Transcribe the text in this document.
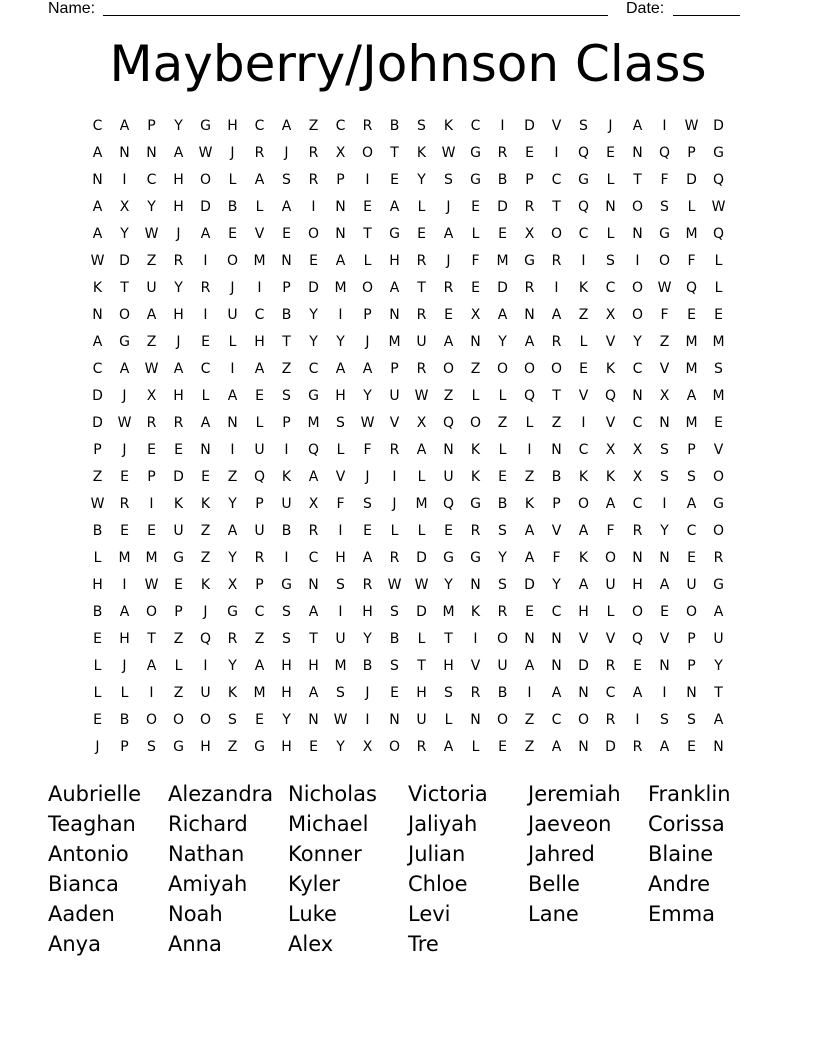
Name:	Date:
Mayberry/Johnson Class
C	A	P	Y	G	H	C	A	Z	C	R	B	S	K	C	I	D	V	S	J	A	I	W	D
A	N	N	A	W	J	R	J	R	X	O	T	K	W	G	R	E	I	Q	E	N	Q	P	G
N	I	C	H	O	L	A	S	R	P	I	E	Y	S	G	B	P	C	G	L	T	F	D	Q
A	X	Y	H	D	B	L	A	I	N	E	A	L	J	E	D	R	T	Q	N	O	S	L	W
A	Y	W	J	A	E	V	E	O	N	T	G	E	A	L	E	X	O	C	L	N	G	M	Q
W	D	Z	R	I	O	M	N	E	A	L	H	R	J	F	M	G	R	I	S	I	O	F	L
K	T	U	Y	R	J	I	P	D	M	O	A	T	R	E	D	R	I	K	C	O	W	Q	L
N	O	A	H	I	U	C	B	Y	I	P	N	R	E	X	A	N	A	Z	X	O	F	E	E
A	G	Z	J	E	L	H	T	Y	Y	J	M	U	A	N	Y	A	R	L	V	Y	Z	M	M
C	A	W	A	C	I	A	Z	C	A	A	P	R	O	Z	O	O	O	E	K	C	V	M	S
D	J	X	H	L	A	E	S	G	H	Y	U	W	Z	L	L	Q	T	V	Q	N	X	A	M
D	W	R	R	A	N	L	P	M	S	W	V	X	Q	O	Z	L	Z	I	V	C	N	M	E
P	J	E	E	N	I	U	I	Q	L	F	R	A	N	K	L	I	N	C	X	X	S	P	V
Z	E	P	D	E	Z	Q	K	A	V	J	I	L	U	K	E	Z	B	K	K	X	S	S	O
W	R	I	K	K	Y	P	U	X	F	S	J	M	Q	G	B	K	P	O	A	C	I	A	G
B	E	E	U	Z	A	U	B	R	I	E	L	L	E	R	S	A	V	A	F	R	Y	C	O
L	M	M	G	Z	Y	R	I	C	H	A	R	D	G	G	Y	A	F	K	O	N	N	E	R
H	I	W	E	K	X	P	G	N	S	R	W W	Y	N	S	D	Y	A	U	H	A	U	G
B	A	O	P	J	G	C	S	A	I	H	S	D	M	K	R	E	C	H	L	O	E	O	A
E	H	T	Z	Q	R	Z	S	T	U	Y	B	L	T	I	O	N	N	V	V	Q	V	P	U
L	J	A	L	I	Y	A	H	H	M	B	S	T	H	V	U	A	N	D	R	E	N	P	Y
L	L	I	Z	U	K	M	H	A	S	J	E	H	S	R	B	I	A	N	C	A	I	N	T
E	B	O	O	O	S	E	Y	N	W	I	N	U	L	N	O	Z	C	O	R	I	S	S	A
J	P	S	G	H	Z	G	H	E	Y	X	O	R	A	L	E	Z	A	N	D	R	A	E	N
Aubrielle	Alezandra Nicholas	Victoria	Jeremiah	Franklin
Teaghan	Richard	Michael	Jaliyah	Jaeveon	Corissa
Antonio	Nathan	Konner	Julian	Jahred	Blaine
Bianca	Amiyah	Kyler	Chloe	Belle	Andre
Aaden	Noah	Luke	Levi	Lane	Emma
Anya	Anna	Alex	Tre
